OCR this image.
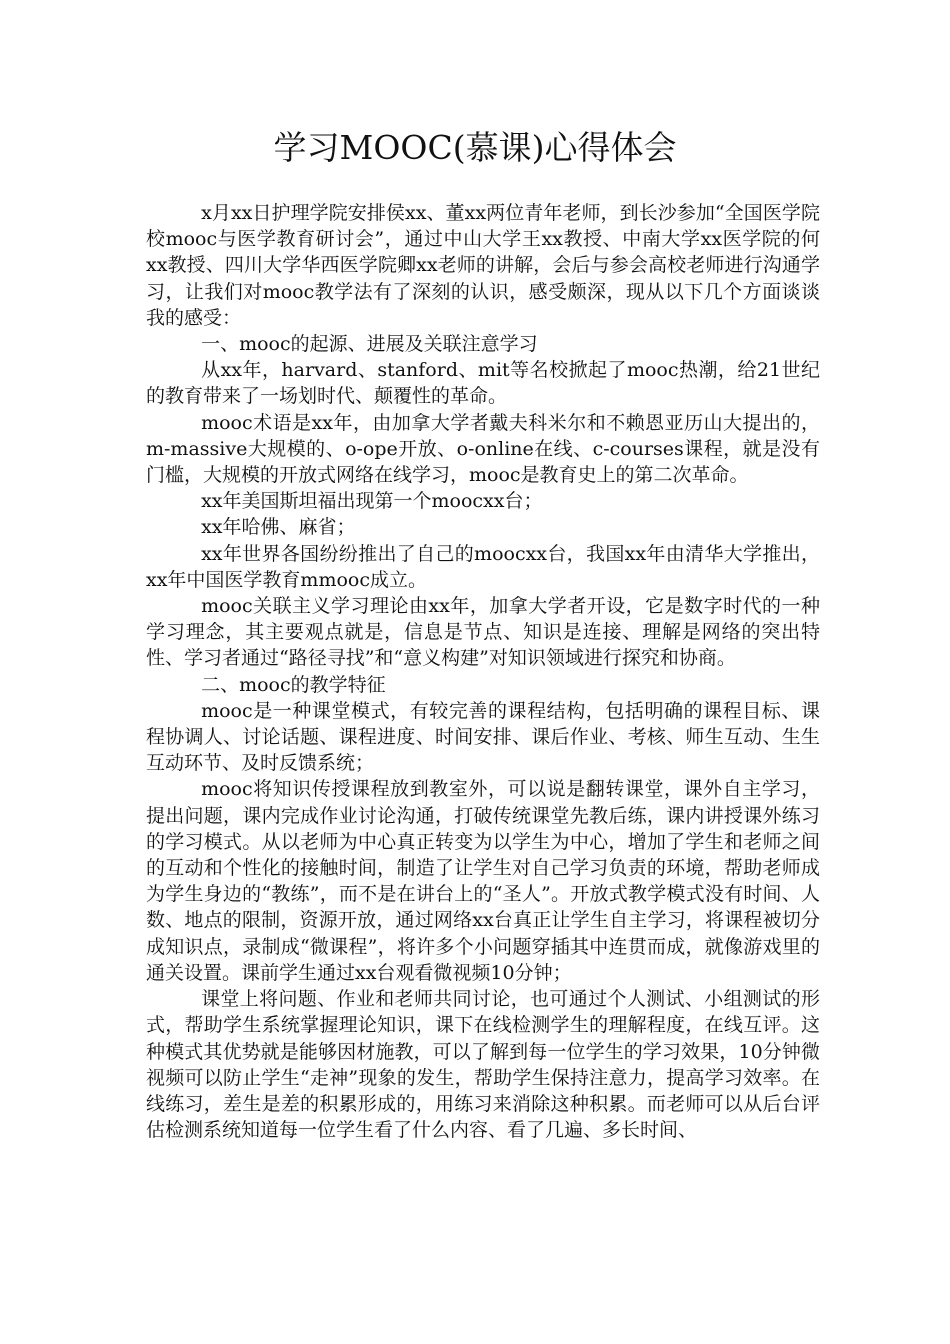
学习MOOC(慕课)心得体会

x月xx日护理学院安排侯xx、董xx两位青年老师，到长沙参加“全国医学院校mooc与医学教育研讨会”，通过中山大学王xx教授、中南大学xx医学院的何xx教授、四川大学华西医学院卿xx老师的讲解，会后与参会高校老师进行沟通学习，让我们对mooc教学法有了深刻的认识，感受颇深，现从以下几个方面谈谈我的感受：

一、mooc的起源、进展及关联注意学习

从xx年，harvard、stanford、mit等名校掀起了mooc热潮，给21世纪的教育带来了一场划时代、颠覆性的革命。

mooc术语是xx年，由加拿大学者戴夫科米尔和不赖恩亚历山大提出的，m-massive大规模的、o-ope开放、o-online在线、c-courses课程，就是没有门槛，大规模的开放式网络在线学习，mooc是教育史上的第二次革命。

xx年美国斯坦福出现第一个moocxx台；

xx年哈佛、麻省；

xx年世界各国纷纷推出了自己的moocxx台，我国xx年由清华大学推出，xx年中国医学教育mmooc成立。

mooc关联主义学习理论由xx年，加拿大学者开设，它是数字时代的一种学习理念，其主要观点就是，信息是节点、知识是连接、理解是网络的突出特性、学习者通过“路径寻找”和“意义构建”对知识领域进行探究和协商。

二、mooc的教学特征

mooc是一种课堂模式，有较完善的课程结构，包括明确的课程目标、课程协调人、讨论话题、课程进度、时间安排、课后作业、考核、师生互动、生生互动环节、及时反馈系统；

mooc将知识传授课程放到教室外，可以说是翻转课堂，课外自主学习，提出问题，课内完成作业讨论沟通，打破传统课堂先教后练，课内讲授课外练习的学习模式。从以老师为中心真正转变为以学生为中心，增加了学生和老师之间的互动和个性化的接触时间，制造了让学生对自己学习负责的环境，帮助老师成为学生身边的“教练”，而不是在讲台上的“圣人”。开放式教学模式没有时间、人数、地点的限制，资源开放，通过网络xx台真正让学生自主学习，将课程被切分成知识点，录制成“微课程”，将许多个小问题穿插其中连贯而成，就像游戏里的通关设置。课前学生通过xx台观看微视频10分钟；

课堂上将问题、作业和老师共同讨论，也可通过个人测试、小组测试的形式，帮助学生系统掌握理论知识，课下在线检测学生的理解程度，在线互评。这种模式其优势就是能够因材施教，可以了解到每一位学生的学习效果，10分钟微视频可以防止学生“走神”现象的发生，帮助学生保持注意力，提高学习效率。在线练习，差生是差的积累形成的，用练习来消除这种积累。而老师可以从后台评估检测系统知道每一位学生看了什么内容、看了几遍、多长时间、
